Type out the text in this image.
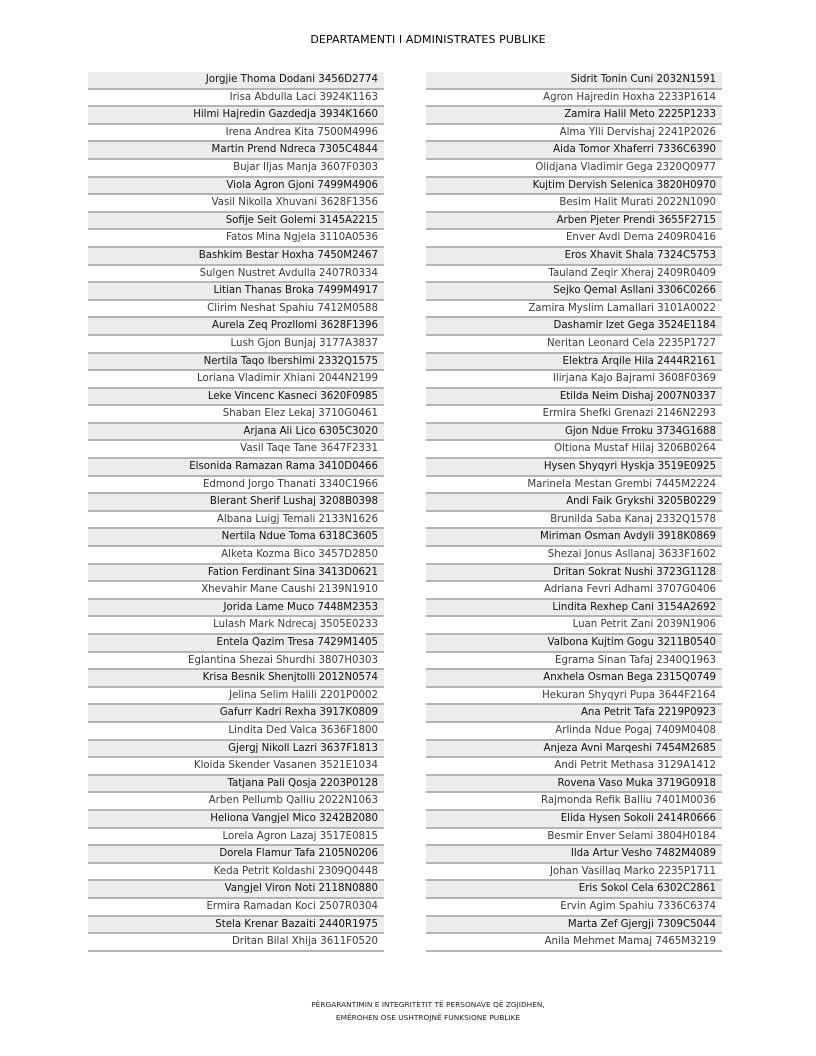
DEPARTAMENTI I ADMINISTRATES PUBLIKE
Jorgjie Thoma Dodani 3456D2774
Irisa Abdulla Laci 3924K1163
Hilmi Hajredin Gazdedja 3934K1660
Irena Andrea Kita 7500M4996
Martin Prend Ndreca 7305C4844
Bujar Iljas Manja 3607F0303
Viola Agron Gjoni 7499M4906
Vasil Nikolla Xhuvani 3628F1356
Sofije Seit Golemi 3145A2215
Fatos Mina Ngjela 3110A0536
Bashkim Bestar Hoxha 7450M2467
Sulgen Nustret Avdulla 2407R0334
Litian Thanas Broka 7499M4917
Clirim Neshat Spahiu 7412M0588
Aurela Zeq Prozllomi 3628F1396
Lush Gjon Bunjaj 3177A3837
Nertila Taqo Ibershimi 2332Q1575
Loriana Vladimir Xhiani 2044N2199
Leke Vincenc Kasneci 3620F0985
Shaban Elez Lekaj 3710G0461
Arjana Ali Lico 6305C3020
Vasil Taqe Tane 3647F2331
Elsonida Ramazan Rama 3410D0466
Edmond Jorgo Thanati 3340C1966
Blerant Sherif Lushaj 3208B0398
Albana Luigj Temali 2133N1626
Nertila Ndue Toma 6318C3605
Alketa Kozma Bico 3457D2850
Fation Ferdinant Sina 3413D0621
Xhevahir Mane Caushi 2139N1910
Jorida Lame Muco 7448M2353
Lulash Mark Ndrecaj 3505E0233
Entela Qazim Tresa 7429M1405
Eglantina Shezai Shurdhi 3807H0303
Krisa Besnik Shenjtolli 2012N0574
Jelina Selim Halili 2201P0002
Gafurr Kadri Rexha 3917K0809
Lindita Ded Valca 3636F1800
Gjergj Nikoll Lazri 3637F1813
Kloida Skender Vasanen 3521E1034
Tatjana Pali Qosja 2203P0128
Arben Pellumb Qalliu 2022N1063
Heliona Vangjel Mico 3242B2080
Lorela Agron Lazaj 3517E0815
Dorela Flamur Tafa 2105N0206
Keda Petrit Koldashi 2309Q0448
Vangjel Viron Noti 2118N0880
Ermira Ramadan Koci 2507R0304
Stela Krenar Bazaiti 2440R1975
Dritan Bilal Xhija 3611F0520
Sidrit Tonin Cuni 2032N1591
Agron Hajredin Hoxha 2233P1614
Zamira Halil Meto 2225P1233
Alma Ylli Dervishaj 2241P2026
Aida Tomor Xhaferri 7336C6390
Olidjana Vladimir Gega 2320Q0977
Kujtim Dervish Selenica 3820H0970
Besim Halit Murati 2022N1090
Arben Pjeter Prendi 3655F2715
Enver Avdi Dema 2409R0416
Eros Xhavit Shala 7324C5753
Tauland Zeqir Xheraj 2409R0409
Sejko Qemal Asllani 3306C0266
Zamira Myslim Lamallari 3101A0022
Dashamir Izet Gega 3524E1184
Neritan Leonard Cela 2235P1727
Elektra Arqile Hila 2444R2161
Ilirjana Kajo Bajrami 3608F0369
Etilda Neim Dishaj 2007N0337
Ermira Shefki Grenazi 2146N2293
Gjon Ndue Frroku 3734G1688
Oltiona Mustaf Hilaj 3206B0264
Hysen Shyqyri Hyskja 3519E0925
Marinela Mestan Grembi 7445M2224
Andi Faik Grykshi 3205B0229
Brunilda Saba Kanaj 2332Q1578
Miriman Osman Avdyli 3918K0869
Shezai Jonus Asllanaj 3633F1602
Dritan Sokrat Nushi 3723G1128
Adriana Fevri Adhami 3707G0406
Lindita Rexhep Cani 3154A2692
Luan Petrit Zani 2039N1906
Valbona Kujtim Gogu 3211B0540
Egrama Sinan Tafaj 2340Q1963
Anxhela Osman Bega 2315Q0749
Hekuran Shyqyri Pupa 3644F2164
Ana Petrit Tafa 2219P0923
Arlinda Ndue Pogaj 7409M0408
Anjeza Avni Marqeshi 7454M2685
Andi Petrit Methasa 3129A1412
Rovena Vaso Muka 3719G0918
Rajmonda Refik Balliu 7401M0036
Elida Hysen Sokoli 2414R0666
Besmir Enver Selami 3804H0184
Ilda Artur Vesho 7482M4089
Johan Vasillaq Marko 2235P1711
Eris Sokol Cela 6302C2861
Ervin Agim Spahiu 7336C6374
Marta Zef Gjergji 7309C5044
Anila Mehmet Mamaj 7465M3219
PËRGARANTIMIN E INTEGRITETIT TË PERSONAVE QË ZGJIDHEN,
EMËROHEN OSE USHTROJNË FUNKSIONE PUBLIKE
